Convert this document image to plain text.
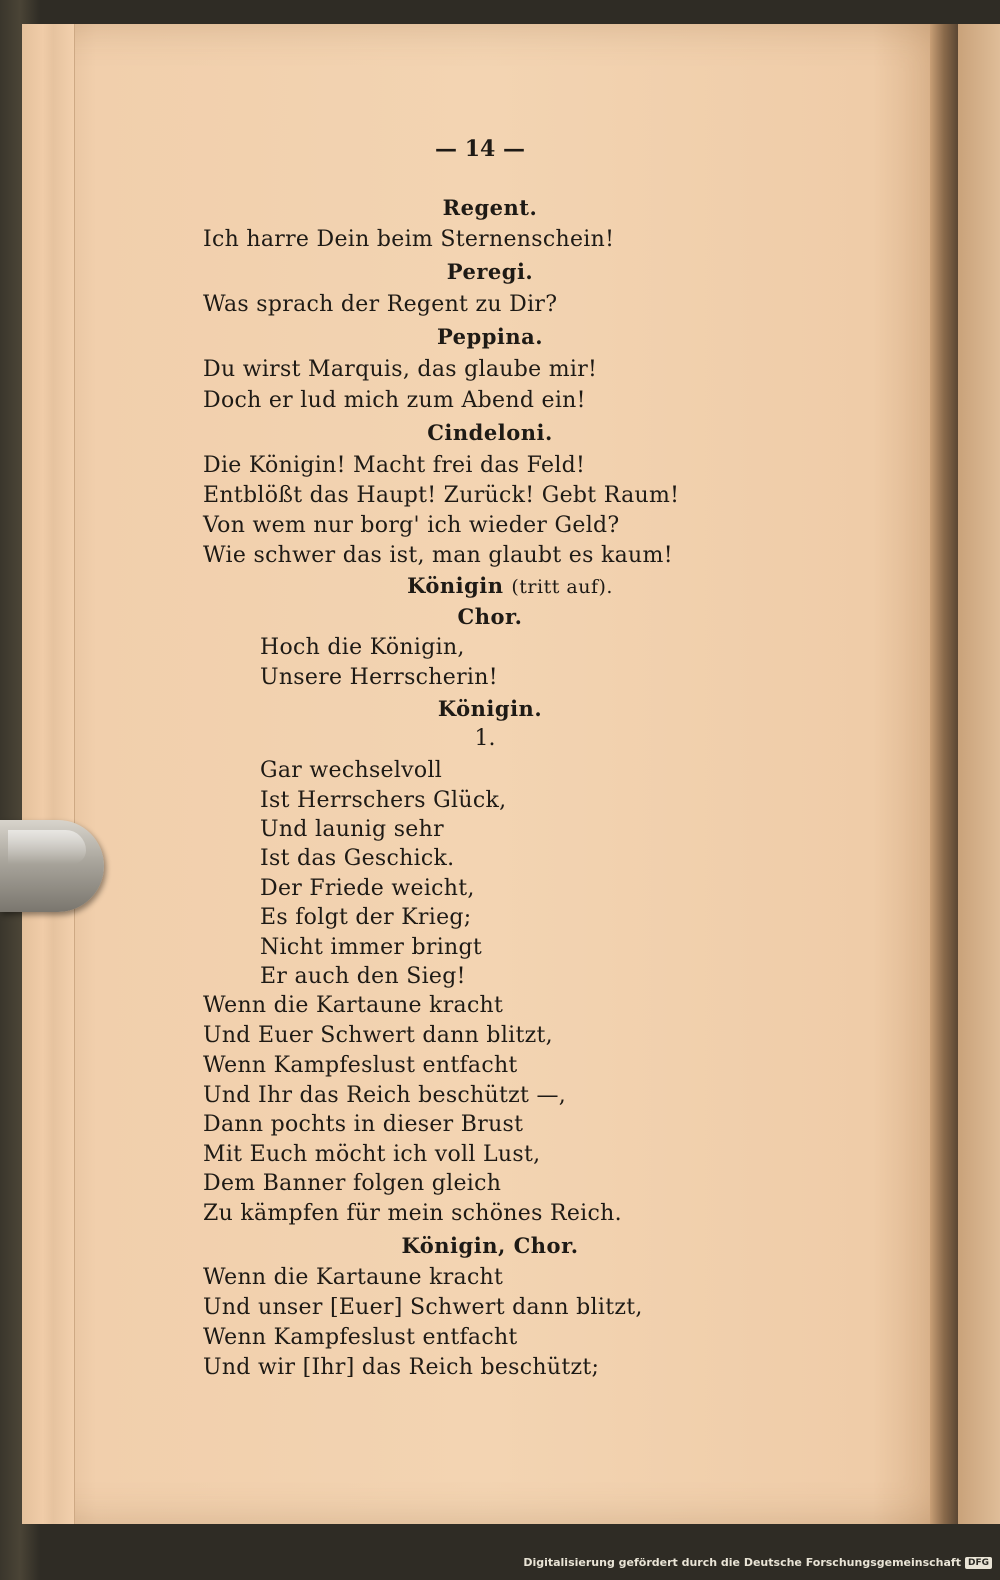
— 14 —
Regent.
Ich harre Dein beim Sternenschein!
Peregi.
Was sprach der Regent zu Dir?
Peppina.
Du wirst Marquis, das glaube mir!
Doch er lud mich zum Abend ein!
Cindeloni.
Die Königin! Macht frei das Feld!
Entblößt das Haupt! Zurück! Gebt Raum!
Von wem nur borg' ich wieder Geld?
Wie schwer das ist, man glaubt es kaum!
Königin (tritt auf).
Chor.
Hoch die Königin,
Unsere Herrscherin!
Königin.
1.
Gar wechselvoll
Ist Herrschers Glück,
Und launig sehr
Ist das Geschick.
Der Friede weicht,
Es folgt der Krieg;
Nicht immer bringt
Er auch den Sieg!
Wenn die Kartaune kracht
Und Euer Schwert dann blitzt,
Wenn Kampfeslust entfacht
Und Ihr das Reich beschützt —,
Dann pochts in dieser Brust
Mit Euch möcht ich voll Lust,
Dem Banner folgen gleich
Zu kämpfen für mein schönes Reich.
Königin, Chor.
Wenn die Kartaune kracht
Und unser [Euer] Schwert dann blitzt,
Wenn Kampfeslust entfacht
Und wir [Ihr] das Reich beschützt;
Digitalisierung gefördert durch die Deutsche Forschungsgemeinschaft DFG
